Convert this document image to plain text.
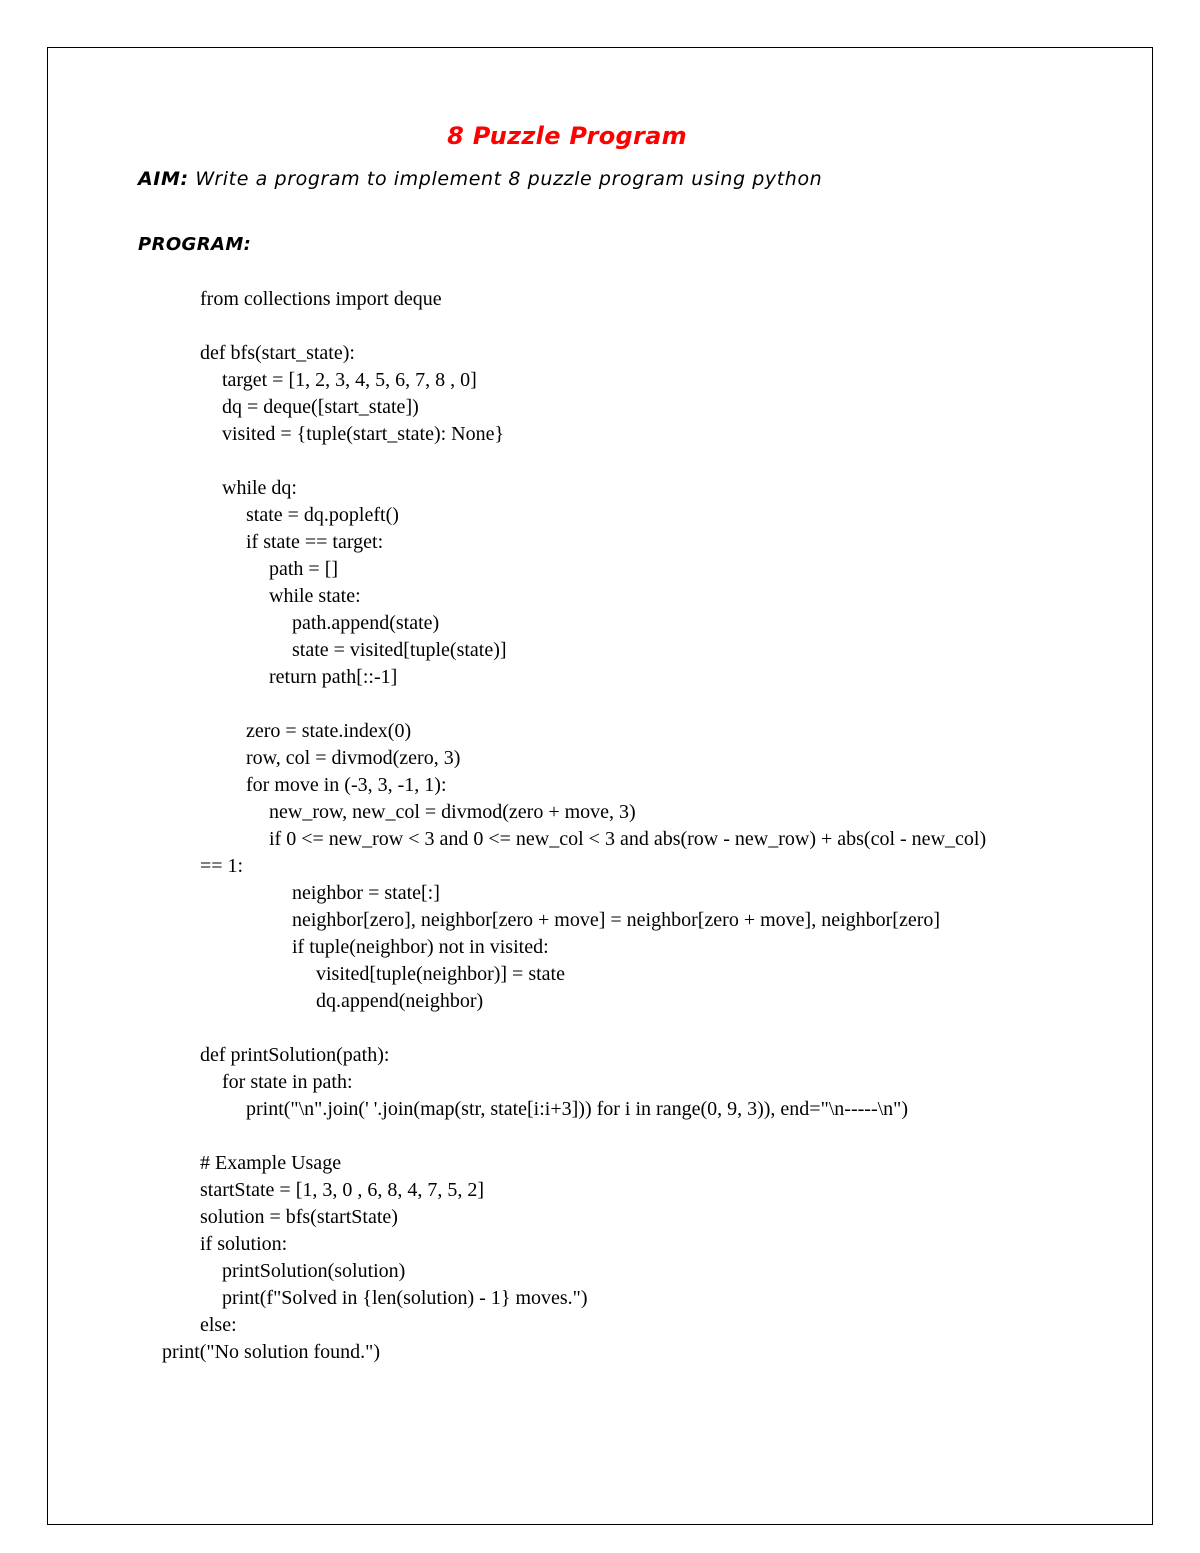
8 Puzzle Program
AIM: Write a program to implement 8 puzzle program using python
PROGRAM:
from collections import deque
def bfs(start_state):
target = [1, 2, 3, 4, 5, 6, 7, 8 , 0]
dq = deque([start_state])
visited = {tuple(start_state): None}
while dq:
state = dq.popleft()
if state == target:
path = []
while state:
path.append(state)
state = visited[tuple(state)]
return path[::-1]
zero = state.index(0)
row, col = divmod(zero, 3)
for move in (-3, 3, -1, 1):
new_row, new_col = divmod(zero + move, 3)
if 0 <= new_row < 3 and 0 <= new_col < 3 and abs(row - new_row) + abs(col - new_col)
== 1:
neighbor = state[:]
neighbor[zero], neighbor[zero + move] = neighbor[zero + move], neighbor[zero]
if tuple(neighbor) not in visited:
visited[tuple(neighbor)] = state
dq.append(neighbor)
def printSolution(path):
for state in path:
print("\n".join(' '.join(map(str, state[i:i+3])) for i in range(0, 9, 3)), end="\n-----\n")
# Example Usage
startState = [1, 3, 0 , 6, 8, 4, 7, 5, 2]
solution = bfs(startState)
if solution:
printSolution(solution)
print(f"Solved in {len(solution) - 1} moves.")
else:
print("No solution found.")
